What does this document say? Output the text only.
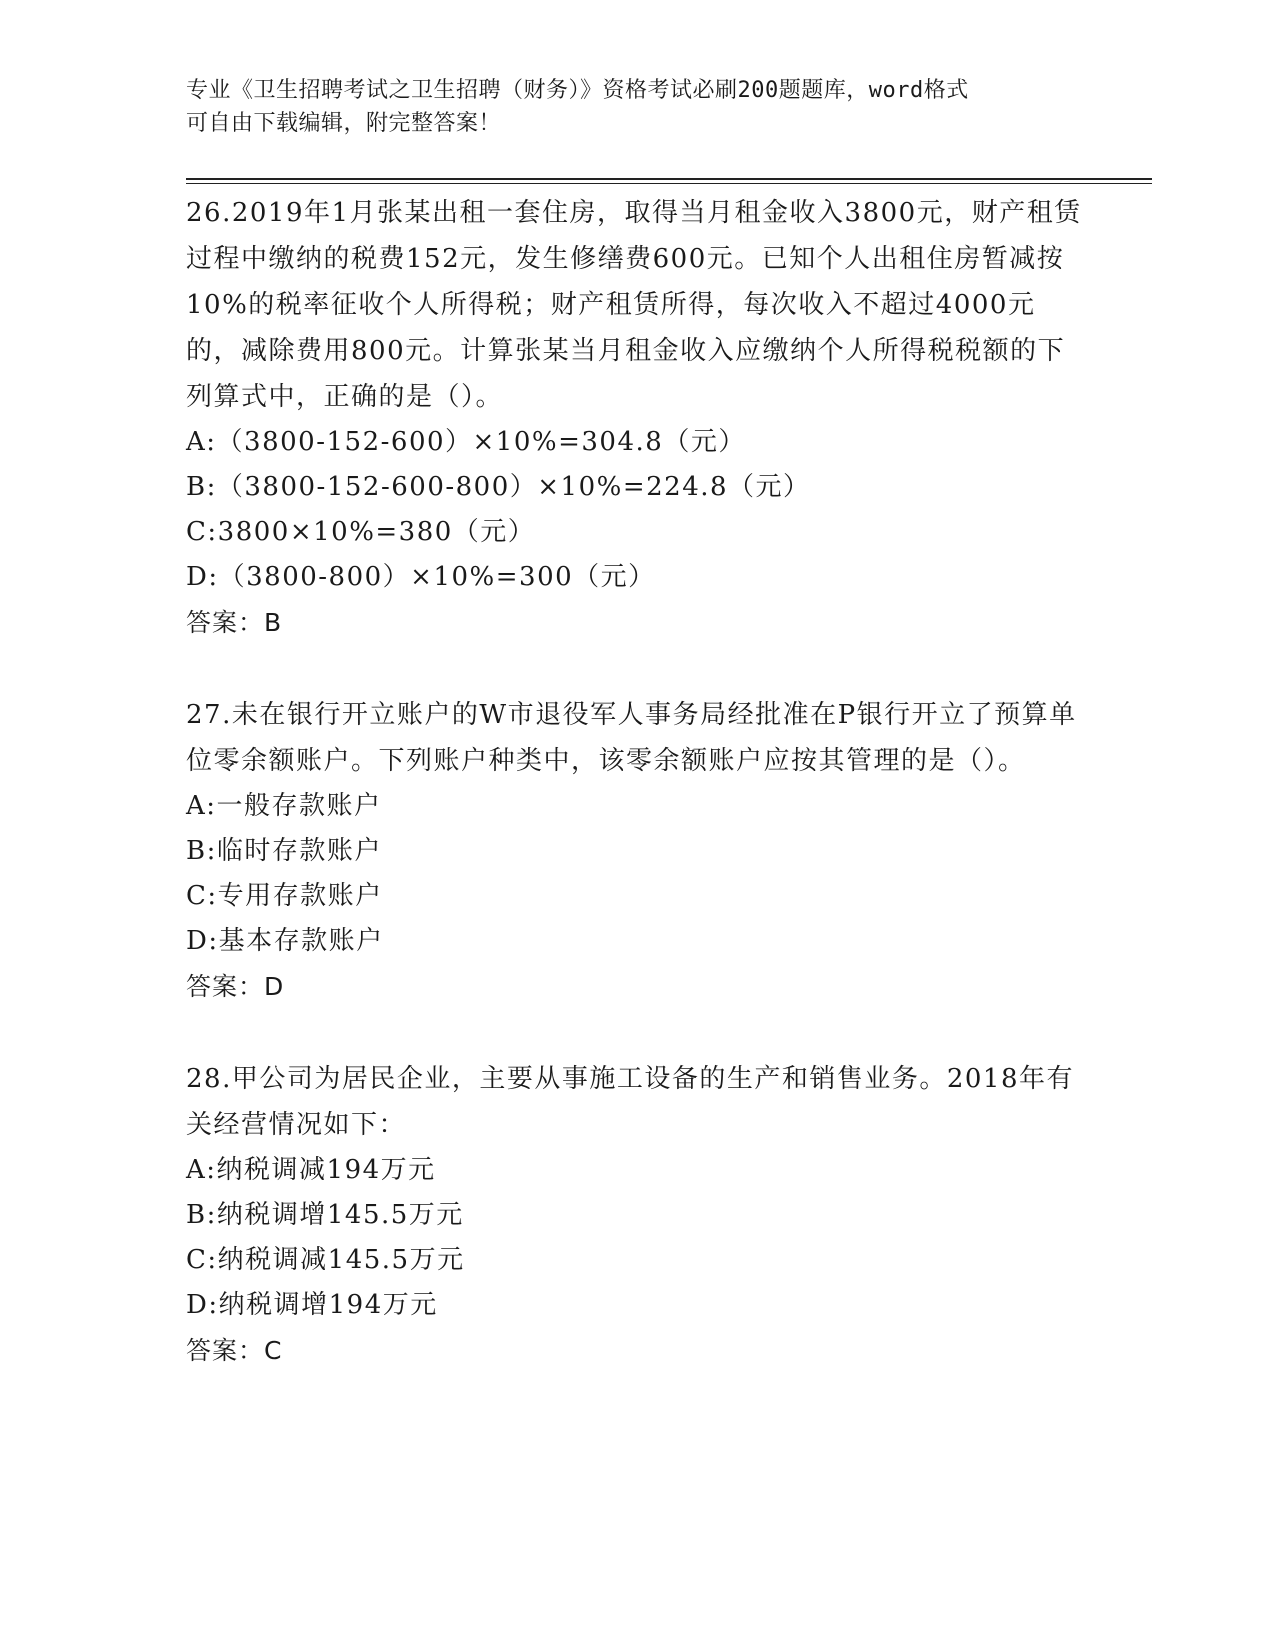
专业《卫生招聘考试之卫生招聘（财务）》资格考试必刷200题题库，word格式
可自由下载编辑，附完整答案！

26.2019年1月张某出租一套住房，取得当月租金收入3800元，财产租赁过程中缴纳的税费152元，发生修缮费600元。已知个人出租住房暂减按10%的税率征收个人所得税；财产租赁所得，每次收入不超过4000元的，减除费用800元。计算张某当月租金收入应缴纳个人所得税税额的下列算式中，正确的是（）。

A:（3800-152-600）×10%=304.8（元）

B:（3800-152-600-800）×10%=224.8（元）

C:3800×10%=380（元）

D:（3800-800）×10%=300（元）

答案：B

27.未在银行开立账户的W市退役军人事务局经批准在P银行开立了预算单位零余额账户。下列账户种类中，该零余额账户应按其管理的是（）。

A:一般存款账户

B:临时存款账户

C:专用存款账户

D:基本存款账户

答案：D

28.甲公司为居民企业，主要从事施工设备的生产和销售业务。2018年有关经营情况如下：

A:纳税调减194万元

B:纳税调增145.5万元

C:纳税调减145.5万元

D:纳税调增194万元

答案：C
